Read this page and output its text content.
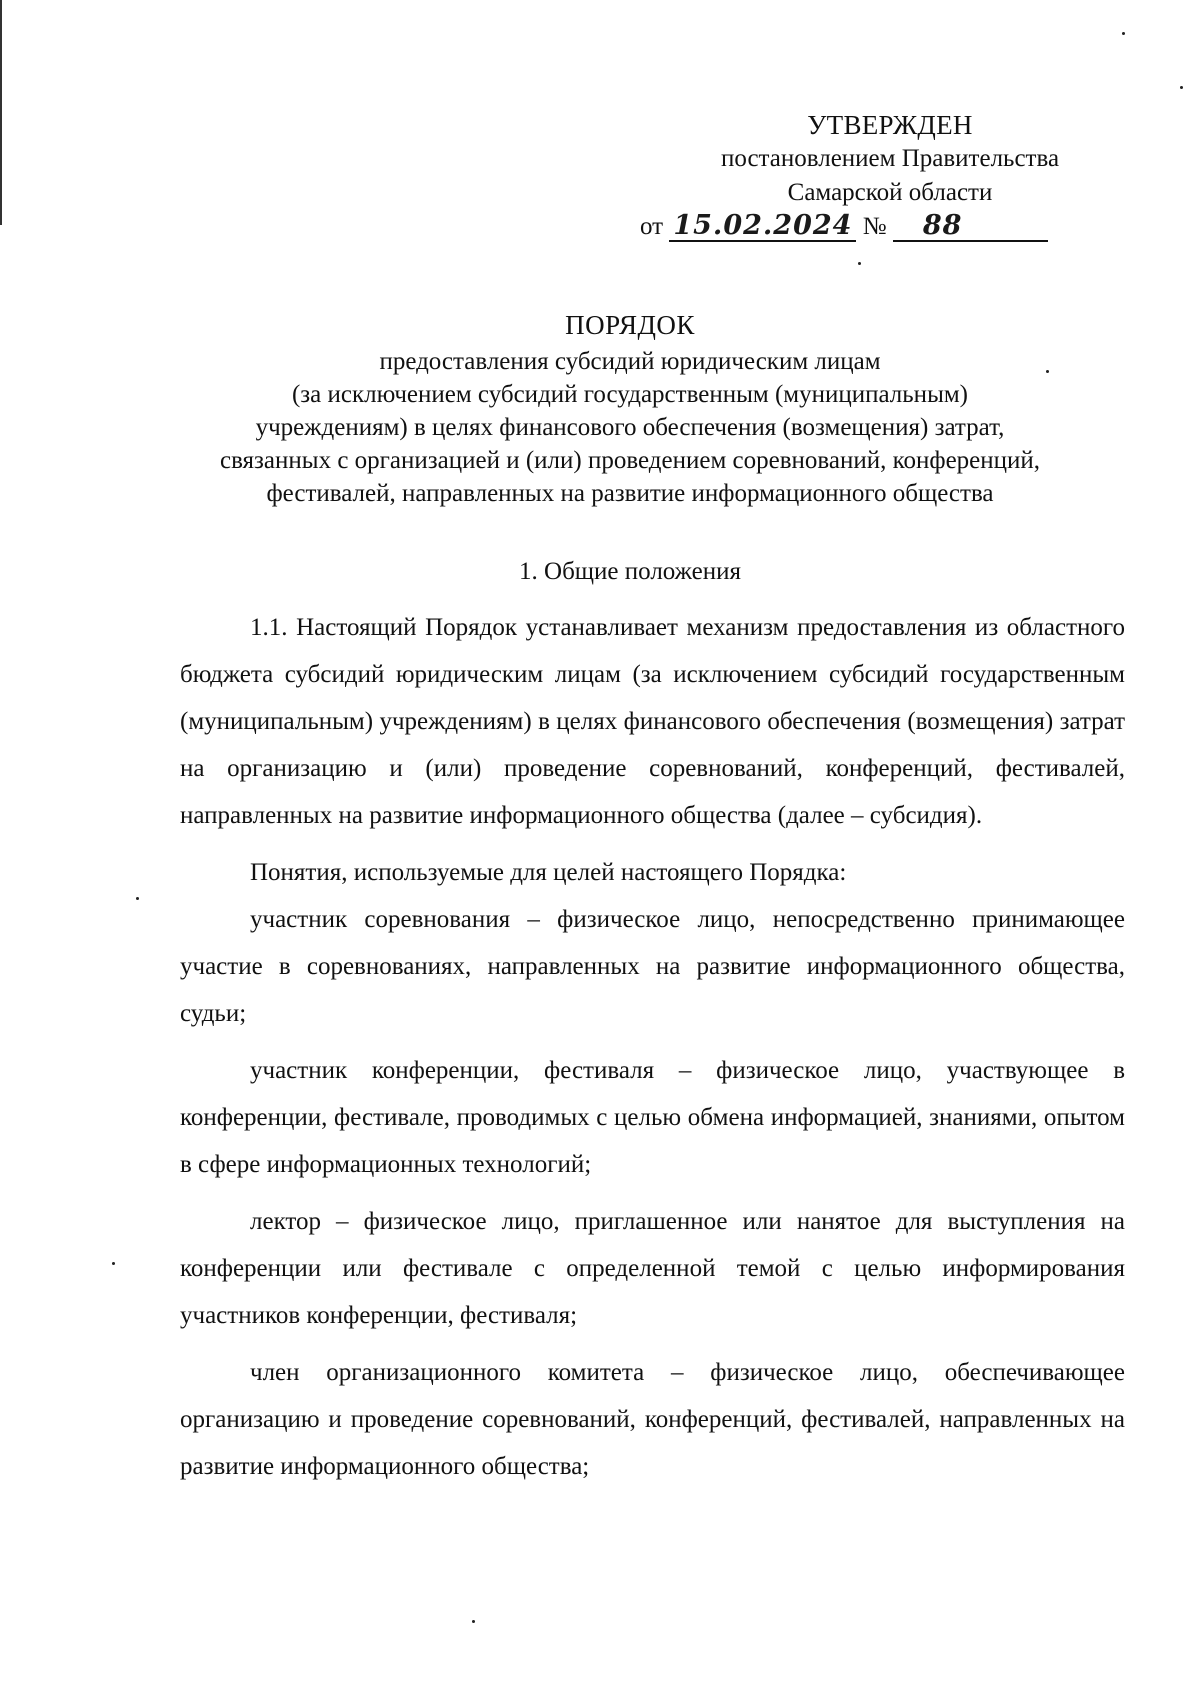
УТВЕРЖДЕН
постановлением Правительства
Самарской области
от 15.02.2024 № 88
ПОРЯДОК
предоставления субсидий юридическим лицам
(за исключением субсидий государственным (муниципальным)
учреждениям) в целях финансового обеспечения (возмещения) затрат,
связанных с организацией и (или) проведением соревнований, конференций,
фестивалей, направленных на развитие информационного общества
1. Общие положения

1.1. Настоящий Порядок устанавливает механизм предоставления из областного бюджета субсидий юридическим лицам (за исключением субсидий государственным (муниципальным) учреждениям) в целях финансового обеспечения (возмещения) затрат на организацию и (или) проведение соревнований, конференций, фестивалей, направленных на развитие информационного общества (далее – субсидия).

Понятия, используемые для целей настоящего Порядка:

участник соревнования – физическое лицо, непосредственно принимающее участие в соревнованиях, направленных на развитие информационного общества, судьи;

участник конференции, фестиваля – физическое лицо, участвующее в конференции, фестивале, проводимых с целью обмена информацией, знаниями, опытом в сфере информационных технологий;

лектор – физическое лицо, приглашенное или нанятое для выступления на конференции или фестивале с определенной темой с целью информирования участников конференции, фестиваля;

член организационного комитета – физическое лицо, обеспечивающее организацию и проведение соревнований, конференций, фестивалей, направленных на развитие информационного общества;
